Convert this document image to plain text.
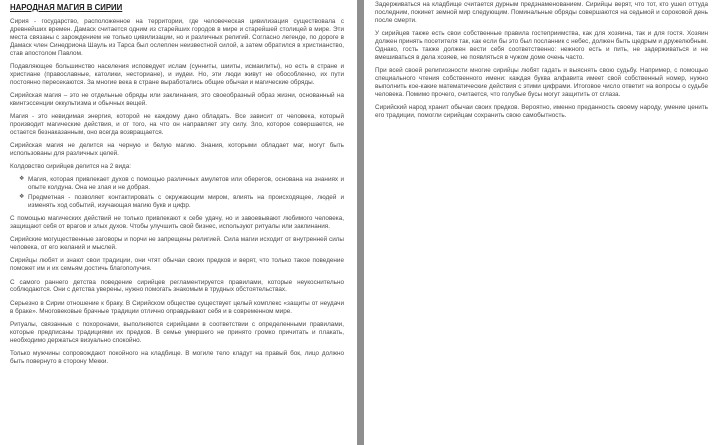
НАРОДНАЯ МАГИЯ В СИРИИ

Сирия - государство, расположенное на территории, где человеческая цивилизация существовала с древнейших времен. Дамаск считается одним из старейших городов в мире и старейшей столицей в мире. Эти места связаны с зарождением не только цивилизации, но и различных религий. Согласно легенде, по дороге в Дамаск член Синедриона Шауль из Тарса был ослеплен неизвестной силой, а затем обратился в христианство, став апостолом Павлом.

Подавляющее большинство населения исповедует ислам (сунниты, шииты, исмаилиты), но есть в стране и христиане (православные, католики, несториане), и иудеи. Но, эти люди живут не обособленно, их пути постоянно пересекаются. За многие века в стране выработались общие обычаи и магические обряды.

Сирийская магия – это не отдельные обряды или заклинания, это своеобразный образ жизни, основанный на квинтэссенции оккультизма и обычных вещей.

Магия - это невидимая энергия, которой не каждому дано обладать. Все зависит от человека, который производит магические действия, и от того, на что он направляет эту силу. Зло, которое совершается, не остается безнаказанным, оно всегда возвращается.

Сирийская магия не делится на черную и белую магию. Знания, которыми обладает маг, могут быть использованы для различных целей.

Колдовство сирийцев делится на 2 вида:

❖ Магия, которая привлекает духов с помощью различных амулетов или оберегов, основана на знаниях и опыте колдуна. Она не злая и не добрая.
❖ Предметная - позволяет контактировать с окружающим миром, влиять на происходящее, людей и изменять ход событий, изучающая магию букв и цифр.

С помощью магических действий не только привлекают к себе удачу, но и завоевывают любимого человека, защищают себя от врагов и злых духов. Чтобы улучшить свой бизнес, используют ритуалы или заклинания.

Сирийские могущественные заговоры и порчи не запрещены религией. Сила магии исходит от внутренней силы человека, от его желаний и мыслей.

Сирийцы любят и знают свои традиции, они чтят обычаи своих предков и верят, что только такое поведение поможет им и их семьям достичь благополучия.

С самого раннего детства поведение сирийцев регламентируется правилами, которые неукоснительно соблюдаются. Они с детства уверены, нужно помогать знакомым в трудных обстоятельствах.

Серьезно в Сирии отношение к браку. В Сирийском обществе существует целый комплекс «защиты от неудачи в браке». Многовековые брачные традиции отлично оправдывают себя и в современном мире.

Ритуалы, связанные с похоронами, выполняются сирийцами в соответствии с определенными правилами, которые предписаны традициями их предков. В семье умершего не принято громко причитать и плакать, необходимо держаться визуально спокойно.

Только мужчины сопровождают покойного на кладбище. В могиле тело кладут на правый бок, лицо должно быть повернуто в сторону Мекки.

Задерживаться на кладбище считается дурным предзнаменованием. Сирийцы верят, что тот, кто ушел оттуда последним, покинет земной мир следующим. Поминальные обряды совершаются на седьмой и сороковой день после смерти.

У сирийцев также есть свои собственные правила гостеприимства, как для хозяина, так и для гостя. Хозяин должен принять посетителя так, как если бы это был посланник с небес, должен быть щедрым и дружелюбным. Однако, гость также должен вести себя соответственно: нежного есть и пить, не задерживаться и не вмешиваться в дела хозяев, не появляться в чужом доме очень часто.

При всей своей религиозности многие сирийцы любят гадать и выяснять свою судьбу. Например, с помощью специального чтения собственного имени: каждая буква алфавита имеет свой собственный номер, нужно выполнить кое-какие математические действия с этими цифрами. Итоговое число ответит на вопросы о судьбе человека. Помимо прочего, считается, что голубые бусы могут защитить от сглаза.

Сирийский народ хранит обычаи своих предков. Вероятно, именно преданность своему народу, умение ценить его традиции, помогли сирийцам сохранить свою самобытность.
